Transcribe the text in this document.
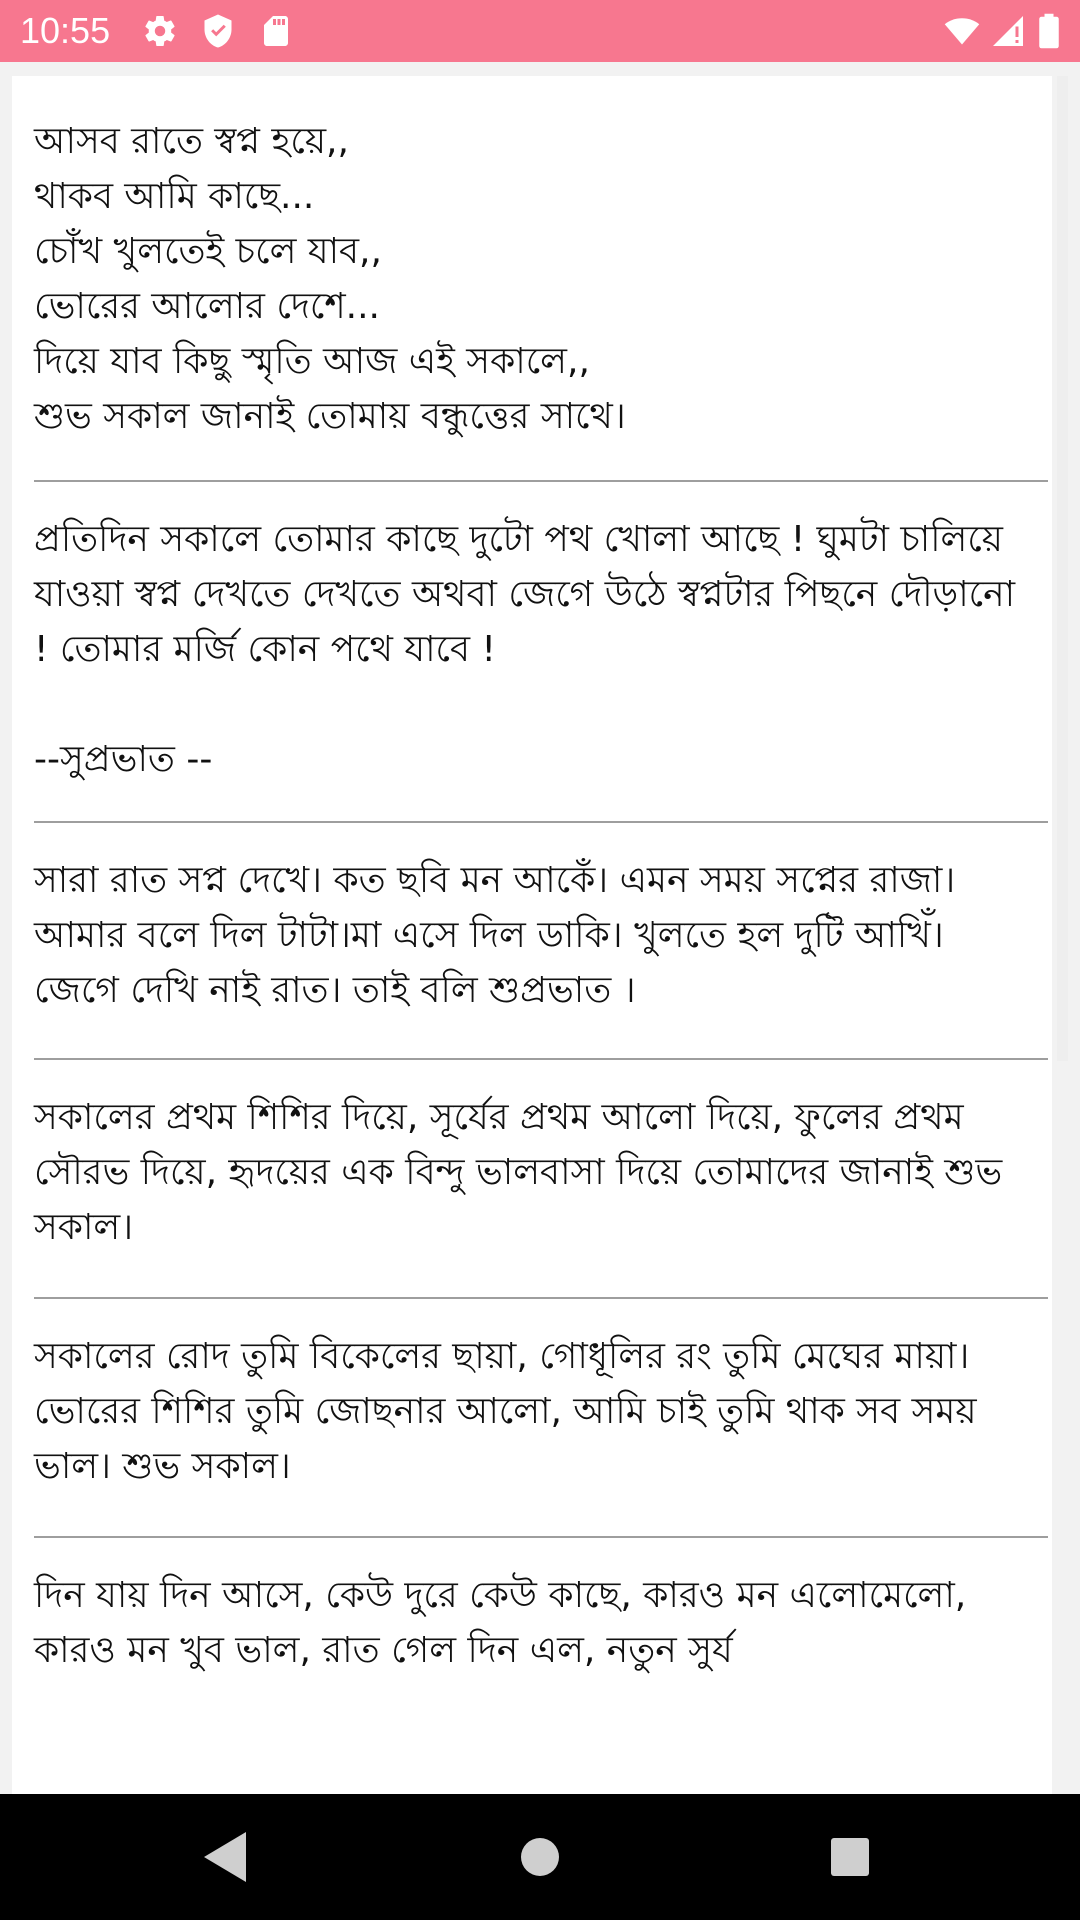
10:55
আসব রাতে স্বপ্ন হয়ে,,
থাকব আমি কাছে...
চোঁখ খুলতেই চলে যাব,,
ভোরের আলোর দেশে...
দিয়ে যাব কিছু স্মৃতি আজ এই সকালে,,
শুভ সকাল জানাই তোমায় বন্ধুত্তের সাথে।
প্রতিদিন সকালে তোমার কাছে দুটো পথ খোলা আছে ! ঘুমটা চালিয়ে যাওয়া স্বপ্ন দেখতে দেখতে অথবা জেগে উঠে স্বপ্নটার পিছনে দৌড়ানো ! তোমার মর্জি কোন পথে যাবে !

--সুপ্রভাত --
সারা রাত সপ্ন দেখে। কত ছবি মন আকেঁ। এমন সময় সপ্নের রাজা। আমার বলে দিল টাটা।মা এসে দিল ডাকি। খুলতে হল দুটি আখিঁ। জেগে দেখি নাই রাত। তাই বলি শুপ্রভাত ।
সকালের প্রথম শিশির দিয়ে, সূর্যের প্রথম আলো দিয়ে, ফুলের প্রথম সৌরভ দিয়ে, হৃদয়ের এক বিন্দু ভালবাসা দিয়ে তোমাদের জানাই শুভ সকাল।
সকালের রোদ তুমি বিকেলের ছায়া, গোধূলির রং তুমি মেঘের মায়া। ভোরের শিশির তুমি জোছনার আলো, আমি চাই তুমি থাক সব সময় ভাল। শুভ সকাল।
দিন যায় দিন আসে, কেউ দুরে কেউ কাছে, কারও মন এলোমেলো, কারও মন খুব ভাল, রাত গেল দিন এল, নতুন সুর্য
